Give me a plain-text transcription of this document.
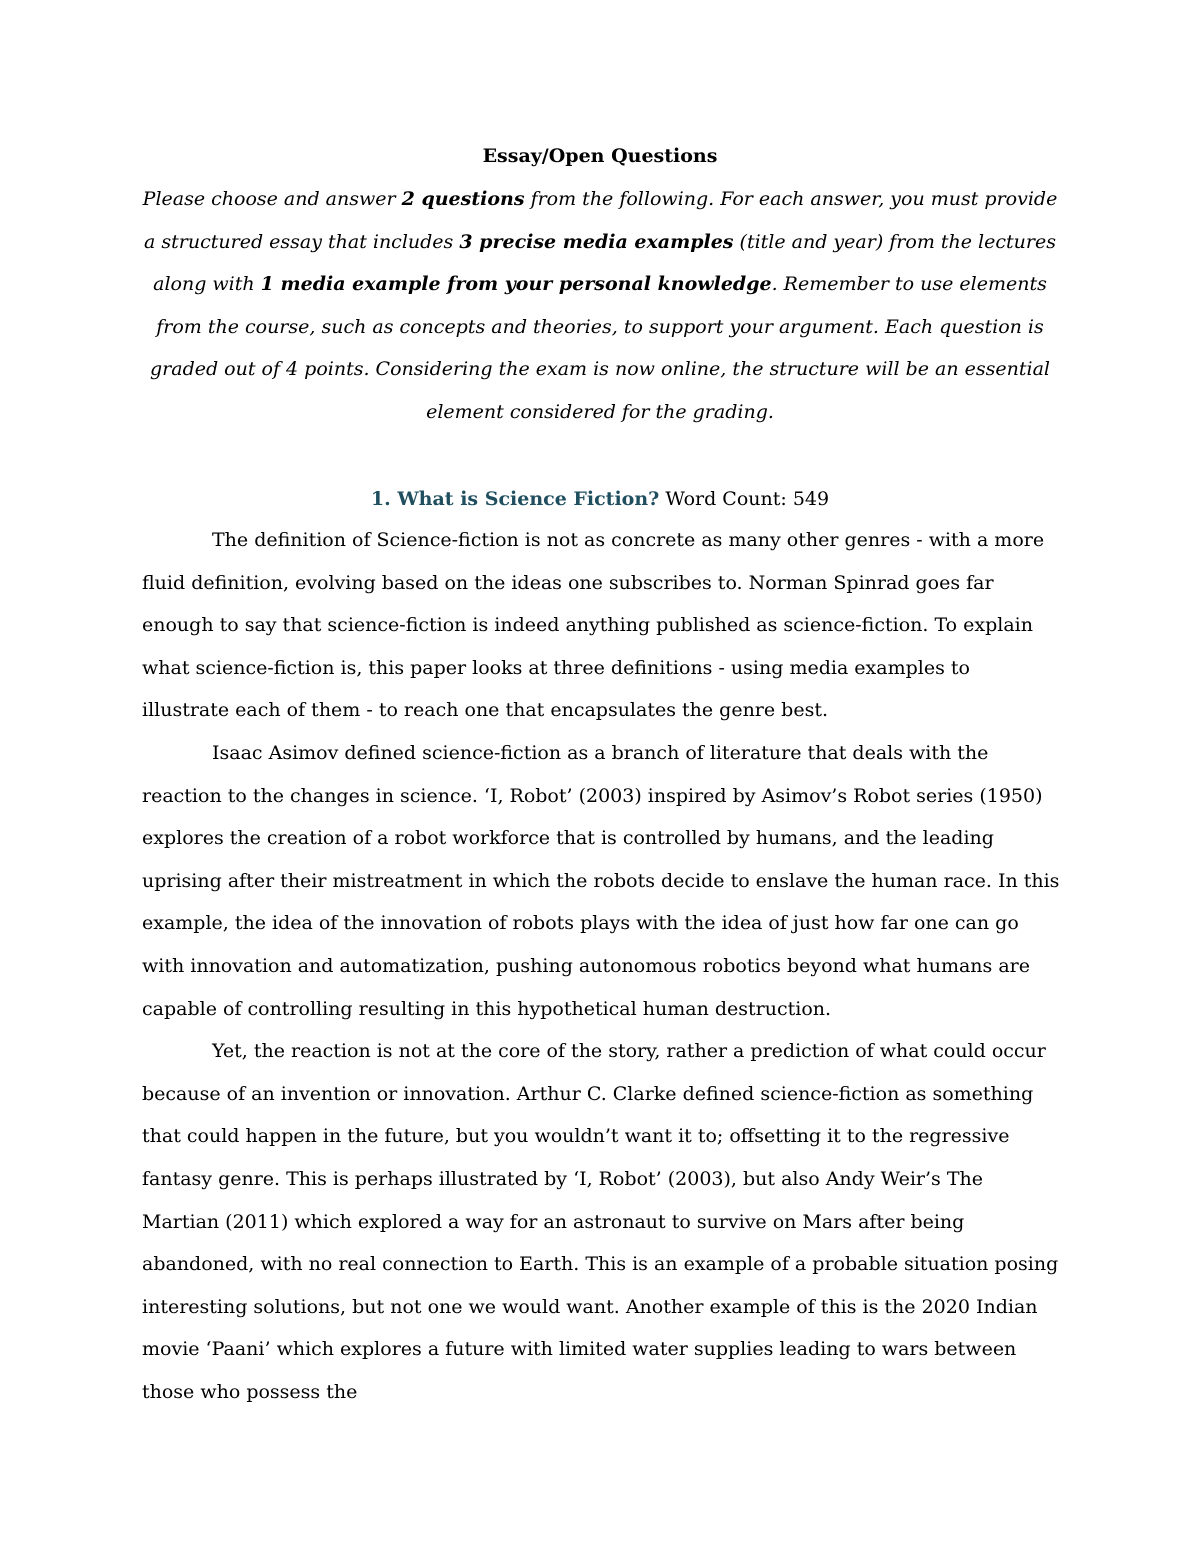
Essay/Open Questions

Please choose and answer 2 questions from the following. For each answer, you must provide a structured essay that includes 3 precise media examples (title and year) from the lectures along with 1 media example from your personal knowledge. Remember to use elements from the course, such as concepts and theories, to support your argument. Each question is graded out of 4 points. Considering the exam is now online, the structure will be an essential element considered for the grading.

1. What is Science Fiction? Word Count: 549

The definition of Science-fiction is not as concrete as many other genres - with a more fluid definition, evolving based on the ideas one subscribes to. Norman Spinrad goes far enough to say that science-fiction is indeed anything published as science-fiction. To explain what science-fiction is, this paper looks at three definitions - using media examples to illustrate each of them - to reach one that encapsulates the genre best.

Isaac Asimov defined science-fiction as a branch of literature that deals with the reaction to the changes in science. ‘I, Robot’ (2003) inspired by Asimov’s Robot series (1950) explores the creation of a robot workforce that is controlled by humans, and the leading uprising after their mistreatment in which the robots decide to enslave the human race. In this example, the idea of the innovation of robots plays with the idea of just how far one can go with innovation and automatization, pushing autonomous robotics beyond what humans are capable of controlling resulting in this hypothetical human destruction.

Yet, the reaction is not at the core of the story, rather a prediction of what could occur because of an invention or innovation. Arthur C. Clarke defined science-fiction as something that could happen in the future, but you wouldn’t want it to; offsetting it to the regressive fantasy genre. This is perhaps illustrated by ‘I, Robot’ (2003), but also Andy Weir’s The Martian (2011) which explored a way for an astronaut to survive on Mars after being abandoned, with no real connection to Earth. This is an example of a probable situation posing interesting solutions, but not one we would want. Another example of this is the 2020 Indian movie ‘Paani’ which explores a future with limited water supplies leading to wars between those who possess the
